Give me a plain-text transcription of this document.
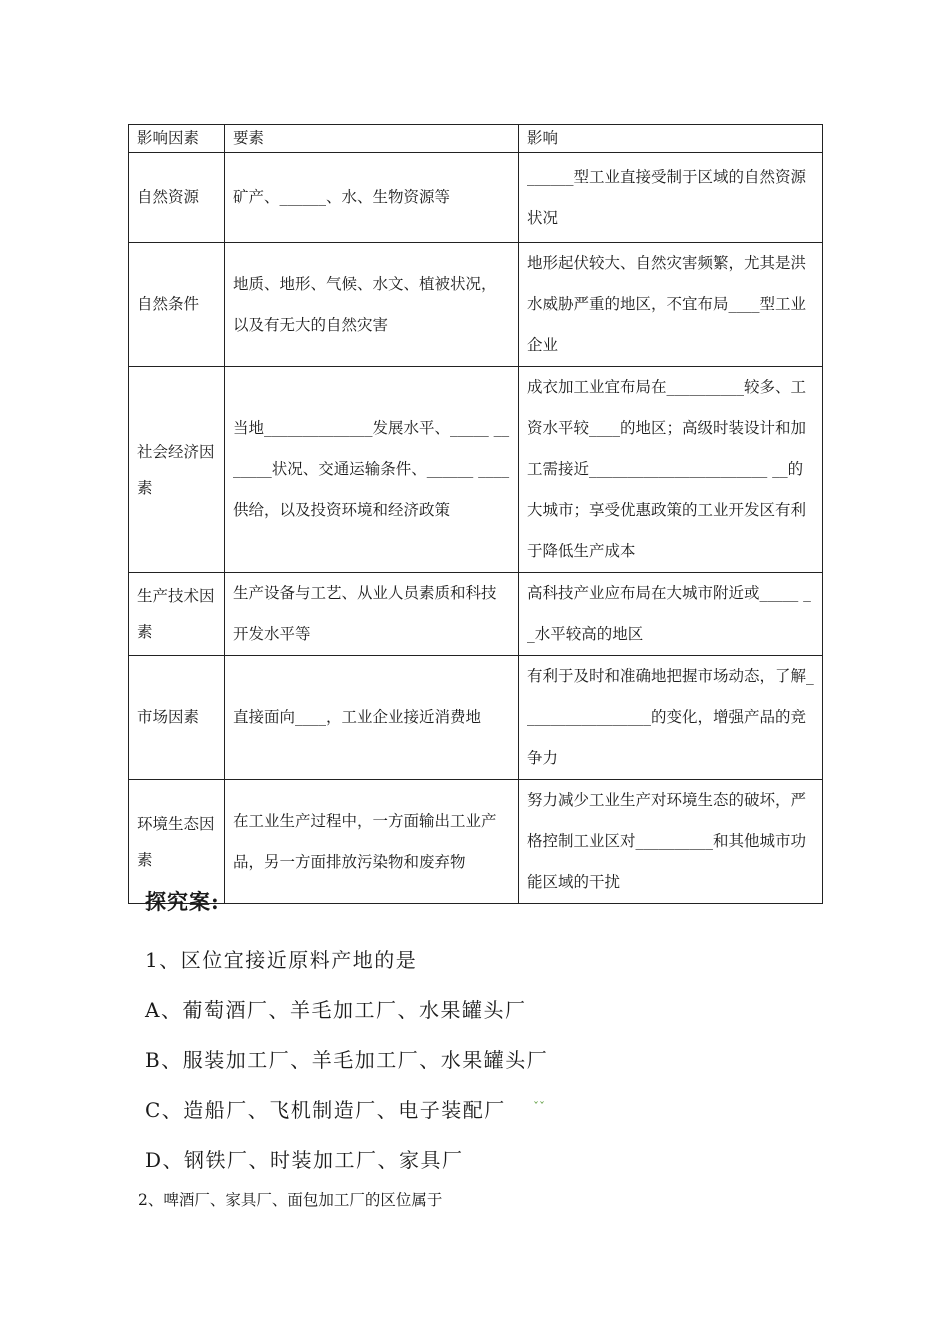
影响因素	要素	影响
自然资源	矿产、______、水、生物资源等	______型工业直接受制于区域的自然资源状况
自然条件	地质、地形、气候、水文、植被状况，以及有无大的自然灾害	地形起伏较大、自然灾害频繁，尤其是洪水威胁严重的地区，不宜布局____型工业企业
社会经济因素	当地______________发展水平、_____ _______状况、交通运输条件、______ ____供给，以及投资环境和经济政策	成衣加工业宜布局在__________较多、工资水平较____的地区；高级时装设计和加工需接近_______________________ __的大城市；享受优惠政策的工业开发区有利于降低生产成本
生产技术因素	生产设备与工艺、从业人员素质和科技开发水平等	高科技产业应布局在大城市附近或_____ __水平较高的地区
市场因素	直接面向____，工业企业接近消费地	有利于及时和准确地把握市场动态，了解_________________的变化，增强产品的竞争力
环境生态因素	在工业生产过程中，一方面输出工业产品，另一方面排放污染物和废弃物	努力减少工业生产对环境生态的破坏，严格控制工业区对__________和其他城市功能区域的干扰
探究案:
1、区位宜接近原料产地的是
A、葡萄酒厂、羊毛加工厂、水果罐头厂
B、服装加工厂、羊毛加工厂、水果罐头厂
C、造船厂、飞机制造厂、电子装配厂
D、钢铁厂、时装加工厂、家具厂
ˇˇ
2、啤酒厂、家具厂、面包加工厂的区位属于
